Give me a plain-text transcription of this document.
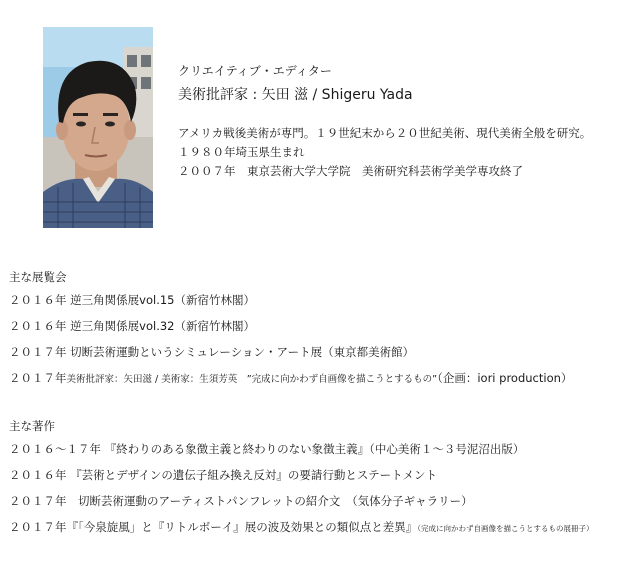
クリエイティブ・エディター
美術批評家 : 矢田 滋 / Shigeru Yada
アメリカ戦後美術が専門。１９世紀末から２０世紀美術、現代美術全般を研究。
１９８０年埼玉県生まれ
２００７年　東京芸術大学大学院　美術研究科芸術学美学専攻終了
主な展覧会
２０１６年 逆三角関係展vol.15（新宿竹林閣）
２０１６年 逆三角関係展vol.32（新宿竹林閣）
２０１７年 切断芸術運動というシミュレーション・アート展（東京都美術館）
２０１７年美術批評家：矢田滋 / 美術家：生須芳英　”完成に向かわず自画像を描こうとするもの”（企画：iori production）
主な著作
２０１６〜１７年 『終わりのある象徴主義と終わりのない象徴主義』（中心美術１〜３号泥沼出版）
２０１６年 『芸術とデザインの遺伝子組み換え反対』の要請行動とステートメント
２０１７年　切断芸術運動のアーティストパンフレットの紹介文　（気体分子ギャラリー）
２０１７年『「今泉旋風」と『リトルボーイ』展の波及効果との類似点と差異』（完成に向かわず自画像を描こうとするもの展冊子）
